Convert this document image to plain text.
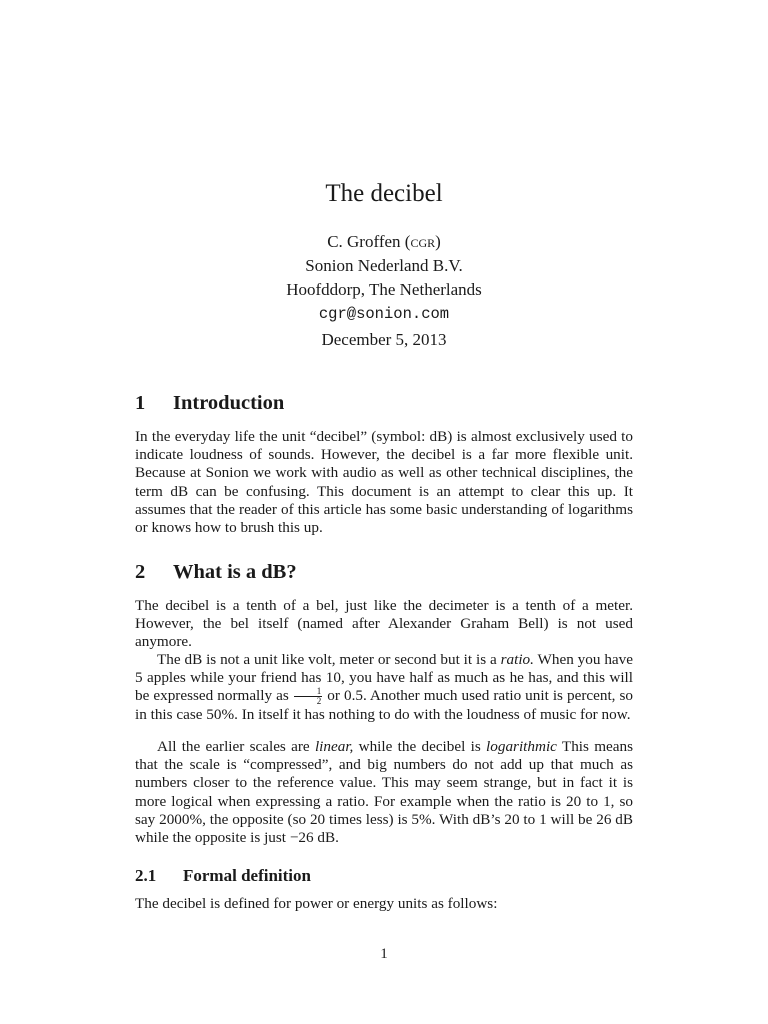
The decibel
C. Groffen (cgr)
Sonion Nederland B.V.
Hoofddorp, The Netherlands
cgr@sonion.com
December 5, 2013
1 Introduction

In the everyday life the unit “decibel” (symbol: dB) is almost exclusively used to indicate loudness of sounds. However, the decibel is a far more flexible unit. Because at Sonion we work with audio as well as other technical disciplines, the term dB can be confusing. This document is an attempt to clear this up. It assumes that the reader of this article has some basic understanding of logarithms or knows how to brush this up.

2 What is a dB?

The decibel is a tenth of a bel, just like the decimeter is a tenth of a meter. However, the bel itself (named after Alexander Graham Bell) is not used anymore.

The dB is not a unit like volt, meter or second but it is a ratio. When you have 5 apples while your friend has 10, you have half as much as he has, and this will be expressed normally as $\frac{1}{2}$ or 0.5. Another much used ratio unit is percent, so in this case 50%. In itself it has nothing to do with the loudness of music for now.

All the earlier scales are linear, while the decibel is logarithmic This means that the scale is “compressed”, and big numbers do not add up that much as numbers closer to the reference value. This may seem strange, but in fact it is more logical when expressing a ratio. For example when the ratio is 20 to 1, so say 2000%, the opposite (so 20 times less) is 5%. With dB’s 20 to 1 will be 26 dB while the opposite is just −26 dB.

2.1 Formal definition

The decibel is defined for power or energy units as follows:

1
